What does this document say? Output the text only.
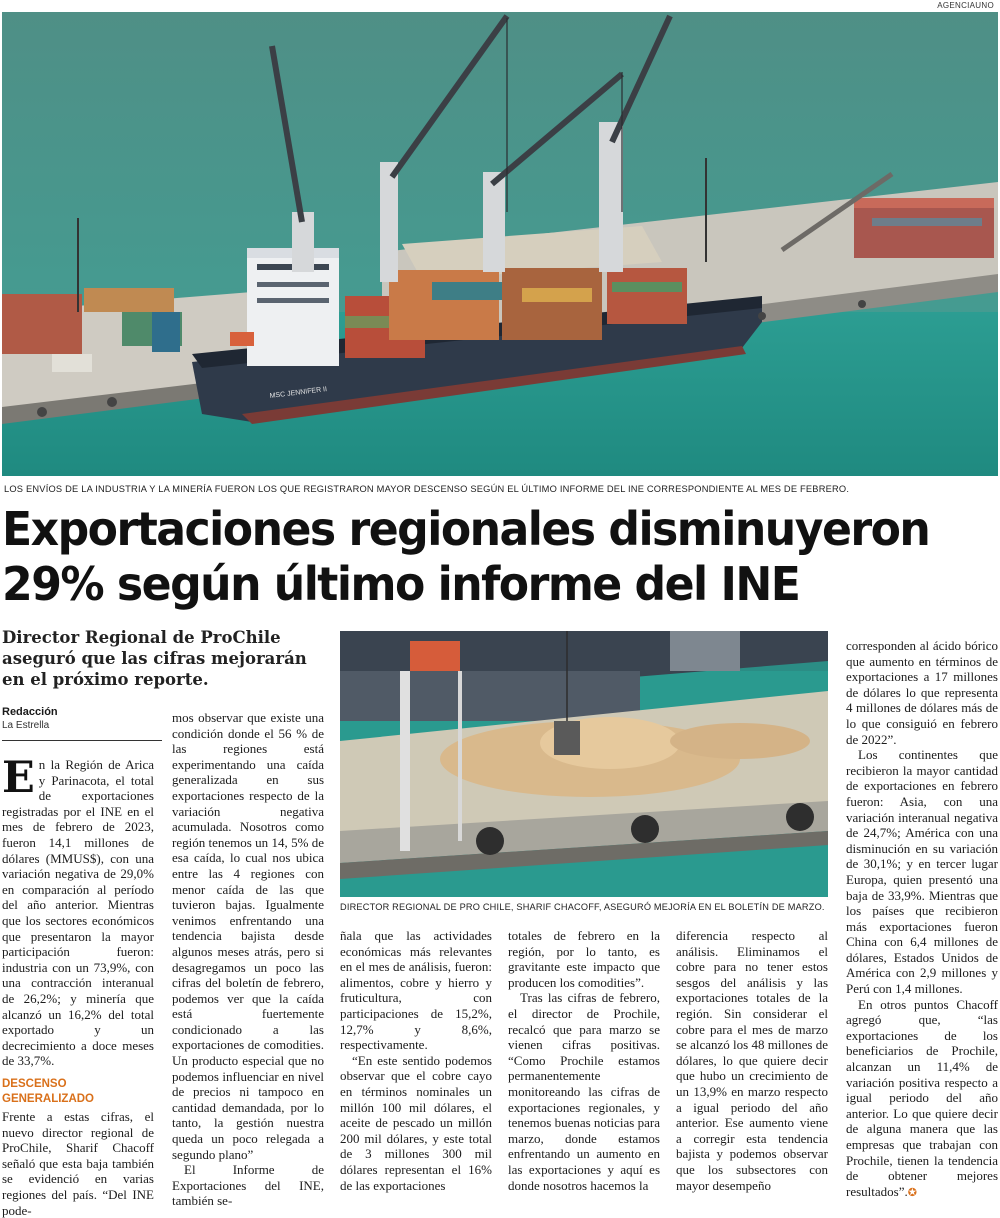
AGENCIAUNO
MSC JENNIFER II
LOS ENVÍOS DE LA INDUSTRIA Y LA MINERÍA FUERON LOS QUE REGISTRARON MAYOR DESCENSO SEGÚN EL ÚLTIMO INFORME DEL INE CORRESPONDIENTE AL MES DE FEBRERO.
Exportaciones regionales disminuyeron
29% según último informe del INE

Director Regional de ProChile aseguró que las cifras mejorarán en el próximo reporte.

Redacción
La Estrella

En la Región de Arica y Parinacota, el total de exportaciones registradas por el INE en el mes de febrero de 2023, fueron 14,1 millones de dólares (MMUS$), con una variación negativa de 29,0% en comparación al período del año anterior. Mientras que los sectores económicos que presentaron la mayor participación fueron: industria con un 73,9%, con una contracción interanual de 26,2%; y minería que alcanzó un 16,2% del total exportado y un decrecimiento a doce meses de 33,7%.

DESCENSO GENERALIZADO

Frente a estas cifras, el nuevo director regional de ProChile, Sharif Chacoff señaló que esta baja también se evidenció en varias regiones del país. “Del INE pode-

mos observar que existe una condición donde el 56 % de las regiones está experimentando una caída generalizada en sus exportaciones respecto de la variación negativa acumulada. Nosotros como región tenemos un 14, 5% de esa caída, lo cual nos ubica entre las 4 regiones con menor caída de las que tuvieron bajas. Igualmente venimos enfrentando una tendencia bajista desde algunos meses atrás, pero si desagregamos un poco las cifras del boletín de febrero, podemos ver que la caída está fuertemente condicionado a las exportaciones de comodities. Un producto especial que no podemos influenciar en nivel de precios ni tampoco en cantidad demandada, por lo tanto, la gestión nuestra queda un poco relegada a segundo plano”

El Informe de Exportaciones del INE, también se-

DIRECTOR REGIONAL DE PRO CHILE, SHARIF CHACOFF, ASEGURÓ MEJORÍA EN EL BOLETÍN DE MARZO.

ñala que las actividades económicas más relevantes en el mes de análisis, fueron: alimentos, cobre y hierro y fruticultura, con participaciones de 15,2%, 12,7% y 8,6%, respectivamente.

“En este sentido podemos observar que el cobre cayo en términos nominales un millón 100 mil dólares, el aceite de pescado un millón 200 mil dólares, y este total de 3 millones 300 mil dólares representan el 16% de las exportaciones

totales de febrero en la región, por lo tanto, es gravitante este impacto que producen los comodities”.

Tras las cifras de febrero, el director de Prochile, recalcó que para marzo se vienen cifras positivas. “Como Prochile estamos permanentemente monitoreando las cifras de exportaciones regionales, y tenemos buenas noticias para marzo, donde estamos enfrentando un aumento en las exportaciones y aquí es donde nosotros hacemos la

diferencia respecto al análisis. Eliminamos el cobre para no tener estos sesgos del análisis y las exportaciones totales de la región. Sin considerar el cobre para el mes de marzo se alcanzó los 48 millones de dólares, lo que quiere decir que hubo un crecimiento de un 13,9% en marzo respecto a igual periodo del año anterior. Ese aumento viene a corregir esta tendencia bajista y podemos observar que los subsectores con mayor desempeño

corresponden al ácido bórico que aumento en términos de exportaciones a 17 millones de dólares lo que representa 4 millones de dólares más de lo que consiguió en febrero de 2022”.

Los continentes que recibieron la mayor cantidad de exportaciones en febrero fueron: Asia, con una variación interanual negativa de 24,7%; América con una disminución en su variación de 30,1%; y en tercer lugar Europa, quien presentó una baja de 33,9%. Mientras que los países que recibieron más exportaciones fueron China con 6,4 millones de dólares, Estados Unidos de América con 2,9 millones y Perú con 1,4 millones.

En otros puntos Chacoff agregó que, “las exportaciones de los beneficiarios de Prochile, alcanzan un 11,4% de variación positiva respecto a igual periodo del año anterior. Lo que quiere decir de alguna manera que las empresas que trabajan con Prochile, tienen la tendencia de obtener mejores resultados”.✪
